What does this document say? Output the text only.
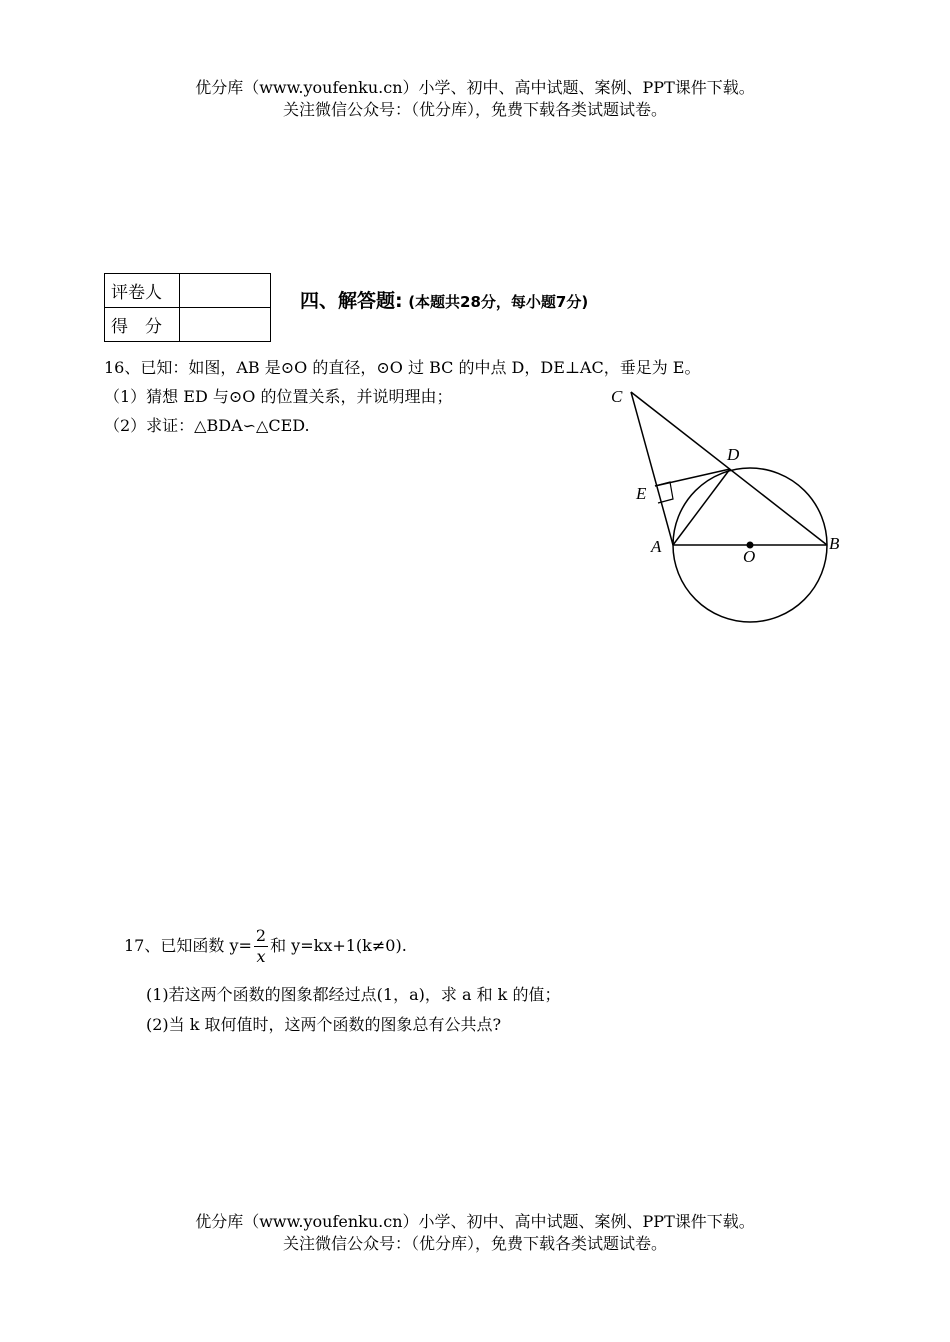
优分库（www.youfenku.cn）小学、初中、高中试题、案例、PPT课件下载。
关注微信公众号：（优分库），免费下载各类试题试卷。
评卷人	
得　分	
四、解答题: (本题共28分，每小题7分)
16、已知：如图，AB 是⊙O 的直径，⊙O 过 BC 的中点 D，DE⊥AC，垂足为 E。
（1）猜想 ED 与⊙O 的位置关系，并说明理由；
（2）求证：△BDA∽△CED.
C
D
E
A
O
B
17、已知函数 $y= \frac{2}{x}$ 和 y=kx+1(k≠0).
(1)若这两个函数的图象都经过点(1，a)，求 a 和 k 的值；
(2)当 k 取何值时，这两个函数的图象总有公共点?
优分库（www.youfenku.cn）小学、初中、高中试题、案例、PPT课件下载。
关注微信公众号：（优分库），免费下载各类试题试卷。
